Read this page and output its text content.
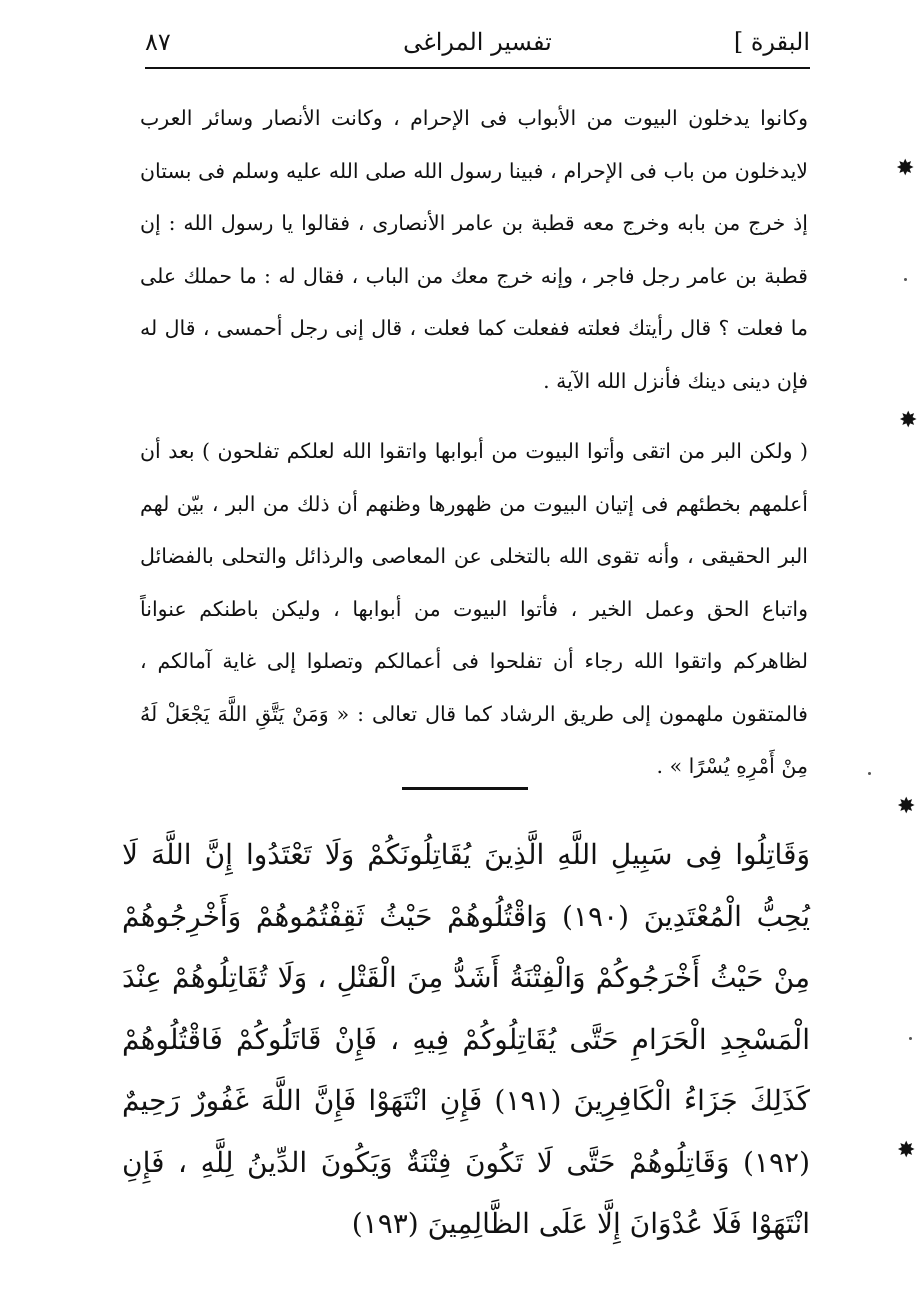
البقرة ]
تفسير المراغى
٨٧

وكانوا يدخلون البيوت من الأبواب فى الإحرام ، وكانت الأنصار وسائر العرب لايدخلون من باب فى الإحرام ، فبينا رسول الله صلى الله عليه وسلم فى بستان إذ خرج من بابه وخرج معه قطبة بن عامر الأنصارى ، فقالوا يا رسول الله : إن قطبة بن عامر رجل فاجر ، وإنه خرج معك من الباب ، فقال له : ما حملك على ما فعلت ؟ قال رأيتك فعلته ففعلت كما فعلت ، قال إنى رجل أحمسى ، قال له فإن دينى دينك فأنزل الله الآية .

( ولكن البر من اتقى وأتوا البيوت من أبوابها واتقوا الله لعلكم تفلحون ) بعد أن أعلمهم بخطئهم فى إتيان البيوت من ظهورها وظنهم أن ذلك من البر ، بيّن لهم البر الحقيقى ، وأنه تقوى الله بالتخلى عن المعاصى والرذائل والتحلى بالفضائل واتباع الحق وعمل الخير ، فأتوا البيوت من أبوابها ، وليكن باطنكم عنواناً لظاهركم واتقوا الله رجاء أن تفلحوا فى أعمالكم وتصلوا إلى غاية آمالكم ، فالمتقون ملهمون إلى طريق الرشاد كما قال تعالى : « وَمَنْ يَتَّقِ اللَّهَ يَجْعَلْ لَهُ مِنْ أَمْرِهِ يُسْرًا » .

وَقَاتِلُوا فِى سَبِيلِ اللَّهِ الَّذِينَ يُقَاتِلُونَكُمْ وَلَا تَعْتَدُوا إِنَّ اللَّهَ لَا يُحِبُّ الْمُعْتَدِينَ (١٩٠) وَاقْتُلُوهُمْ حَيْثُ ثَقِفْتُمُوهُمْ وَأَخْرِجُوهُمْ مِنْ حَيْثُ أَخْرَجُوكُمْ وَالْفِتْنَةُ أَشَدُّ مِنَ الْقَتْلِ ، وَلَا تُقَاتِلُوهُمْ عِنْدَ الْمَسْجِدِ الْحَرَامِ حَتَّى يُقَاتِلُوكُمْ فِيهِ ، فَإِنْ قَاتَلُوكُمْ فَاقْتُلُوهُمْ كَذَلِكَ جَزَاءُ الْكَافِرِينَ (١٩١) فَإِنِ انْتَهَوْا فَإِنَّ اللَّهَ غَفُورٌ رَحِيمٌ (١٩٢) وَقَاتِلُوهُمْ حَتَّى لَا تَكُونَ فِتْنَةٌ وَيَكُونَ الدِّينُ لِلَّهِ ، فَإِنِ انْتَهَوْا فَلَا عُدْوَانَ إِلَّا عَلَى الظَّالِمِينَ (١٩٣)

✸
✸
✸
✸
